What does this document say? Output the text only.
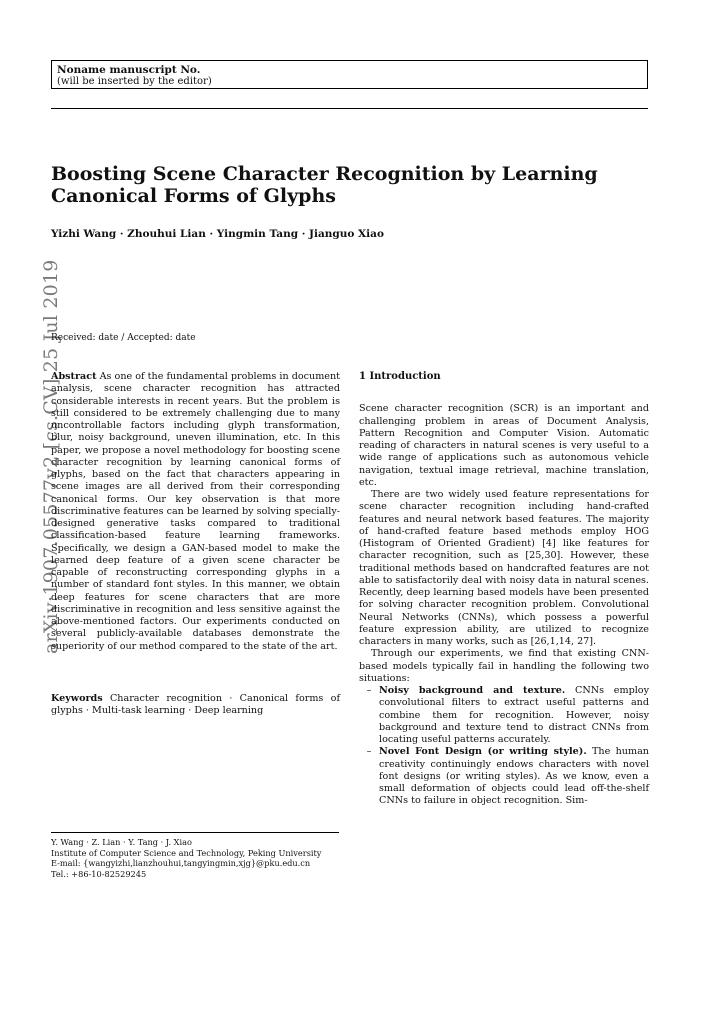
Noname manuscript No.
(will be inserted by the editor)
Boosting Scene Character Recognition by Learning Canonical Forms of Glyphs
Yizhi Wang · Zhouhui Lian · Yingmin Tang · Jianguo Xiao
arXiv:1907.05577v2 [cs.CV] 25 Jul 2019
Received: date / Accepted: date

Abstract As one of the fundamental problems in document analysis, scene character recognition has attracted considerable interests in recent years. But the problem is still considered to be extremely challenging due to many uncontrollable factors including glyph transformation, blur, noisy background, uneven illumination, etc. In this paper, we propose a novel methodology for boosting scene character recognition by learning canonical forms of glyphs, based on the fact that characters appearing in scene images are all derived from their corresponding canonical forms. Our key observation is that more discriminative features can be learned by solving specially-designed generative tasks compared to traditional classification-based feature learning frameworks. Specifically, we design a GAN-based model to make the learned deep feature of a given scene character be capable of reconstructing corresponding glyphs in a number of standard font styles. In this manner, we obtain deep features for scene characters that are more discriminative in recognition and less sensitive against the above-mentioned factors. Our experiments conducted on several publicly-available databases demonstrate the superiority of our method compared to the state of the art.

Keywords Character recognition · Canonical forms of glyphs · Multi-task learning · Deep learning

Y. Wang · Z. Lian · Y. Tang · J. Xiao
Institute of Computer Science and Technology, Peking University
E-mail: {wangyizhi,lianzhouhui,tangyingmin,xjg}@pku.edu.cn
Tel.: +86-10-82529245

1 Introduction

Scene character recognition (SCR) is an important and challenging problem in areas of Document Analysis, Pattern Recognition and Computer Vision. Automatic reading of characters in natural scenes is very useful to a wide range of applications such as autonomous vehicle navigation, textual image retrieval, machine translation, etc.

There are two widely used feature representations for scene character recognition including hand-crafted features and neural network based features. The majority of hand-crafted feature based methods employ HOG (Histogram of Oriented Gradient) [4] like features for character recognition, such as [25,30]. However, these traditional methods based on handcrafted features are not able to satisfactorily deal with noisy data in natural scenes. Recently, deep learning based models have been presented for solving character recognition problem. Convolutional Neural Networks (CNNs), which possess a powerful feature expression ability, are utilized to recognize characters in many works, such as [26,1,14, 27].

Through our experiments, we find that existing CNN-based models typically fail in handling the following two situations:

– Noisy background and texture. CNNs employ convolutional filters to extract useful patterns and combine them for recognition. However, noisy background and texture tend to distract CNNs from locating useful patterns accurately.
– Novel Font Design (or writing style). The human creativity continuingly endows characters with novel font designs (or writing styles). As we know, even a small deformation of objects could lead off-the-shelf CNNs to failure in object recognition. Sim-
